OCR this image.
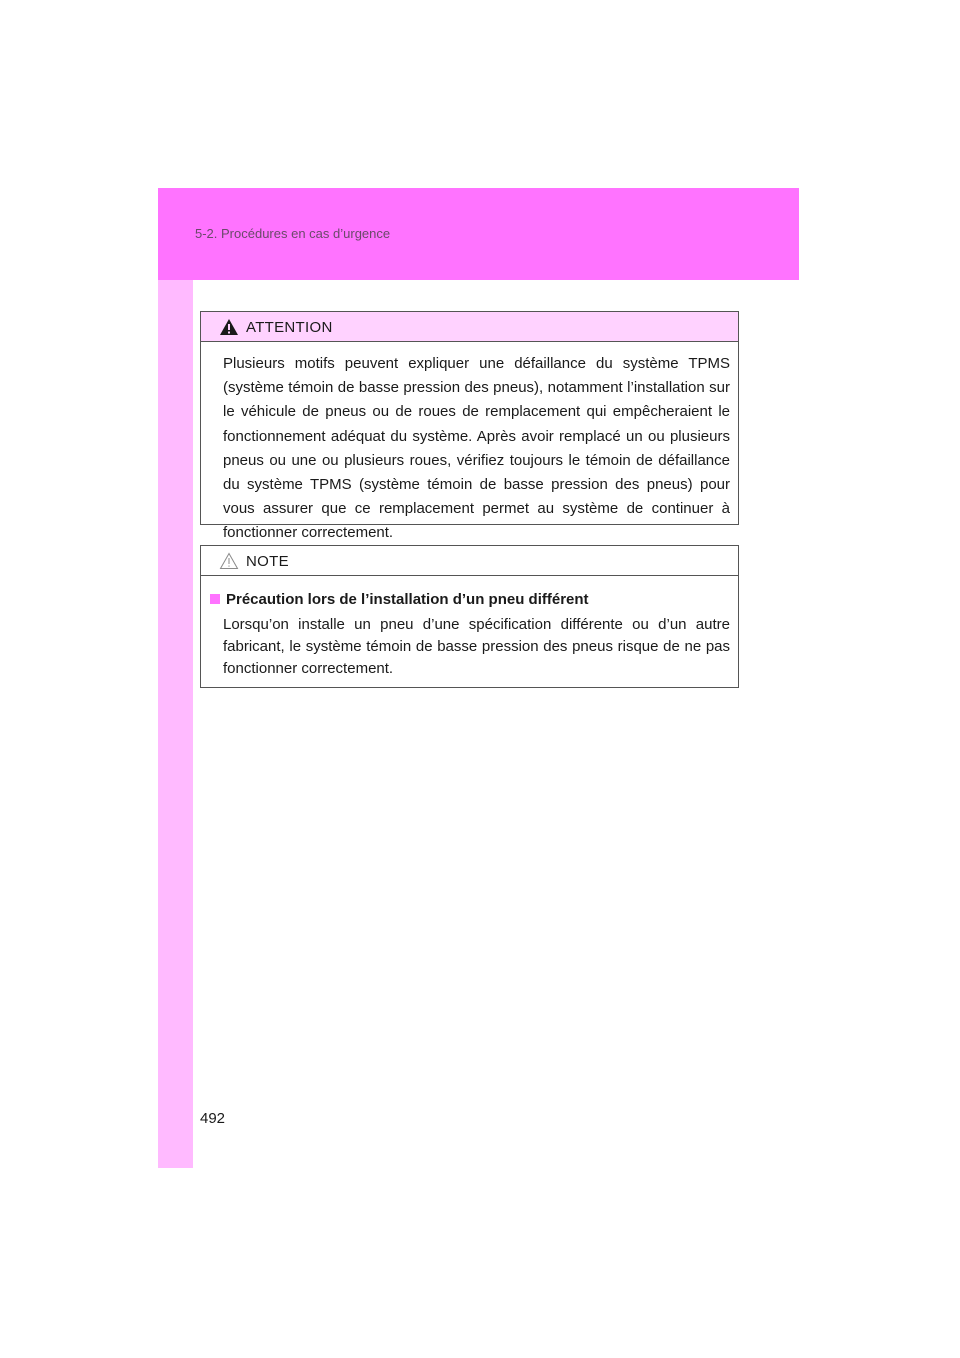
5-2. Procédures en cas d’urgence
ATTENTION
Plusieurs motifs peuvent expliquer une défaillance du système TPMS (système témoin de basse pression des pneus), notamment l’installation sur le véhicule de pneus ou de roues de remplacement qui empêcheraient le fonctionnement adéquat du système. Après avoir remplacé un ou plusieurs pneus ou une ou plusieurs roues, vérifiez toujours le témoin de défaillance du système TPMS (système témoin de basse pression des pneus) pour vous assurer que ce remplacement permet au système de continuer à fonctionner correctement.
NOTE
Précaution lors de l’installation d’un pneu différent
Lorsqu’on installe un pneu d’une spécification différente ou d’un autre fabricant, le système témoin de basse pression des pneus risque de ne pas fonctionner correctement.
492
